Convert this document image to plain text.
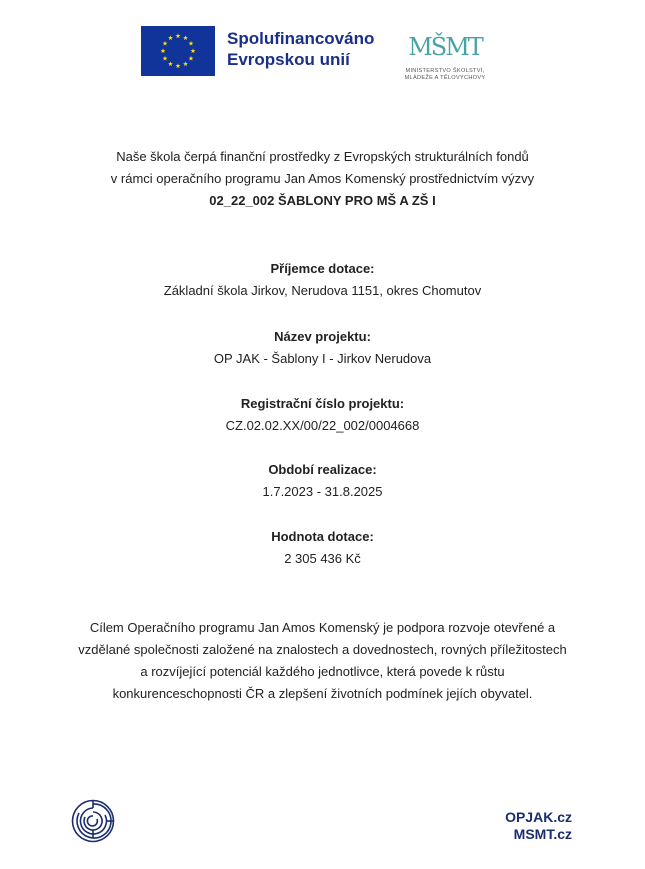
Spolufinancováno
Evropskou unií	MŠMT
MINISTERSTVO ŠKOLSTVÍ,
MLÁDEŽE A TĚLOVÝCHOVY
Naše škola čerpá finanční prostředky z Evropských strukturálních fondů
v rámci operačního programu Jan Amos Komenský prostřednictvím výzvy
02_22_002 ŠABLONY PRO MŠ A ZŠ I
Příjemce dotace:
Základní škola Jirkov, Nerudova 1151, okres Chomutov
Název projektu:
OP JAK - Šablony I - Jirkov Nerudova
Registrační číslo projektu:
CZ.02.02.XX/00/22_002/0004668
Období realizace:
1.7.2023 - 31.8.2025
Hodnota dotace:
2 305 436 Kč
Cílem Operačního programu Jan Amos Komenský je podpora rozvoje otevřené a
vzdělané společnosti založené na znalostech a dovednostech, rovných příležitostech
a rozvíjející potenciál každého jednotlivce, která povede k růstu
konkurenceschopnosti ČR a zlepšení životních podmínek jejích obyvatel.
OPJAK.cz
MSMT.cz
